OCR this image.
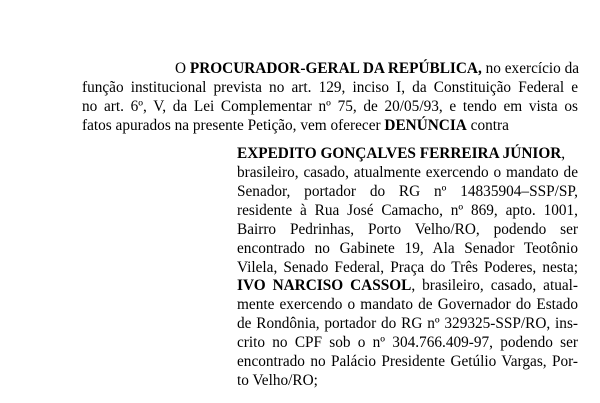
O PROCURADOR-GERAL DA REPÚBLICA, no exercício da
função institucional prevista no art. 129, inciso I, da Constituição Federal e
no art. 6º, V, da Lei Complementar nº 75, de 20/05/93, e tendo em vista os
fatos apurados na presente Petição, vem oferecer DENÚNCIA contra
EXPEDITO GONÇALVES FERREIRA JÚNIOR,
brasileiro, casado, atualmente exercendo o mandato de
Senador, portador do RG nº 14835904–SSP/SP,
residente à Rua José Camacho, nº 869, apto. 1001,
Bairro Pedrinhas, Porto Velho/RO, podendo ser
encontrado no Gabinete 19, Ala Senador Teotônio
Vilela, Senado Federal, Praça do Três Poderes, nesta;
IVO NARCISO CASSOL, brasileiro, casado, atual-
mente exercendo o mandato de Governador do Estado
de Rondônia, portador do RG nº 329325-SSP/RO, ins-
crito no CPF sob o nº 304.766.409-97, podendo ser
encontrado no Palácio Presidente Getúlio Vargas, Por-
to Velho/RO;
